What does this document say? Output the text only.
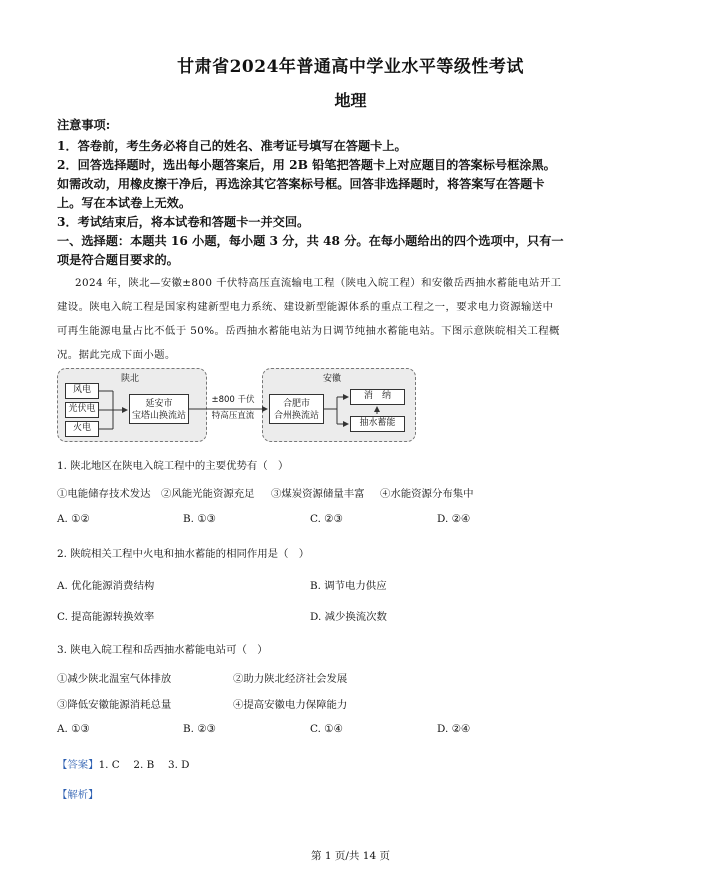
甘肃省2024年普通高中学业水平等级性考试
地理
注意事项:
1．答卷前，考生务必将自己的姓名、准考证号填写在答题卡上。
2．回答选择题时，选出每小题答案后，用 2B 铅笔把答题卡上对应题目的答案标号框涂黑。
如需改动，用橡皮擦干净后，再选涂其它答案标号框。回答非选择题时，将答案写在答题卡
上。写在本试卷上无效。
3．考试结束后，将本试卷和答题卡一并交回。
一、选择题：本题共 16 小题，每小题 3 分，共 48 分。在每小题给出的四个选项中，只有一
项是符合题目要求的。
2024 年，陕北—安徽±800 千伏特高压直流输电工程（陕电入皖工程）和安徽岳西抽水蓄能电站开工
建设。陕电入皖工程是国家构建新型电力系统、建设新型能源体系的重点工程之一，要求电力资源输送中
可再生能源电量占比不低于 50%。岳西抽水蓄能电站为日调节纯抽水蓄能电站。下图示意陕皖相关工程概
况。据此完成下面小题。
陕北
风电
光伏电
火电
延安市
宝塔山换流站
±800 千伏
特高压直流
安徽
合肥市
合州换流站
消　纳
抽水蓄能
1. 陕北地区在陕电入皖工程中的主要优势有（　）
①电能储存技术发达 ②风能光能资源充足 ③煤炭资源储量丰富 ④水能资源分布集中
A. ①②	B. ①③	C. ②③	D. ②④
2. 陕皖相关工程中火电和抽水蓄能的相同作用是（　）
A. 优化能源消费结构	B. 调节电力供应
C. 提高能源转换效率	D. 减少换流次数
3. 陕电入皖工程和岳西抽水蓄能电站可（　）
①减少陕北温室气体排放	②助力陕北经济社会发展
③降低安徽能源消耗总量	④提高安徽电力保障能力
A. ①③	B. ②③	C. ①④	D. ②④
【答案】1. C　 2. B　 3. D
【解析】
第 1 页/共 14 页
